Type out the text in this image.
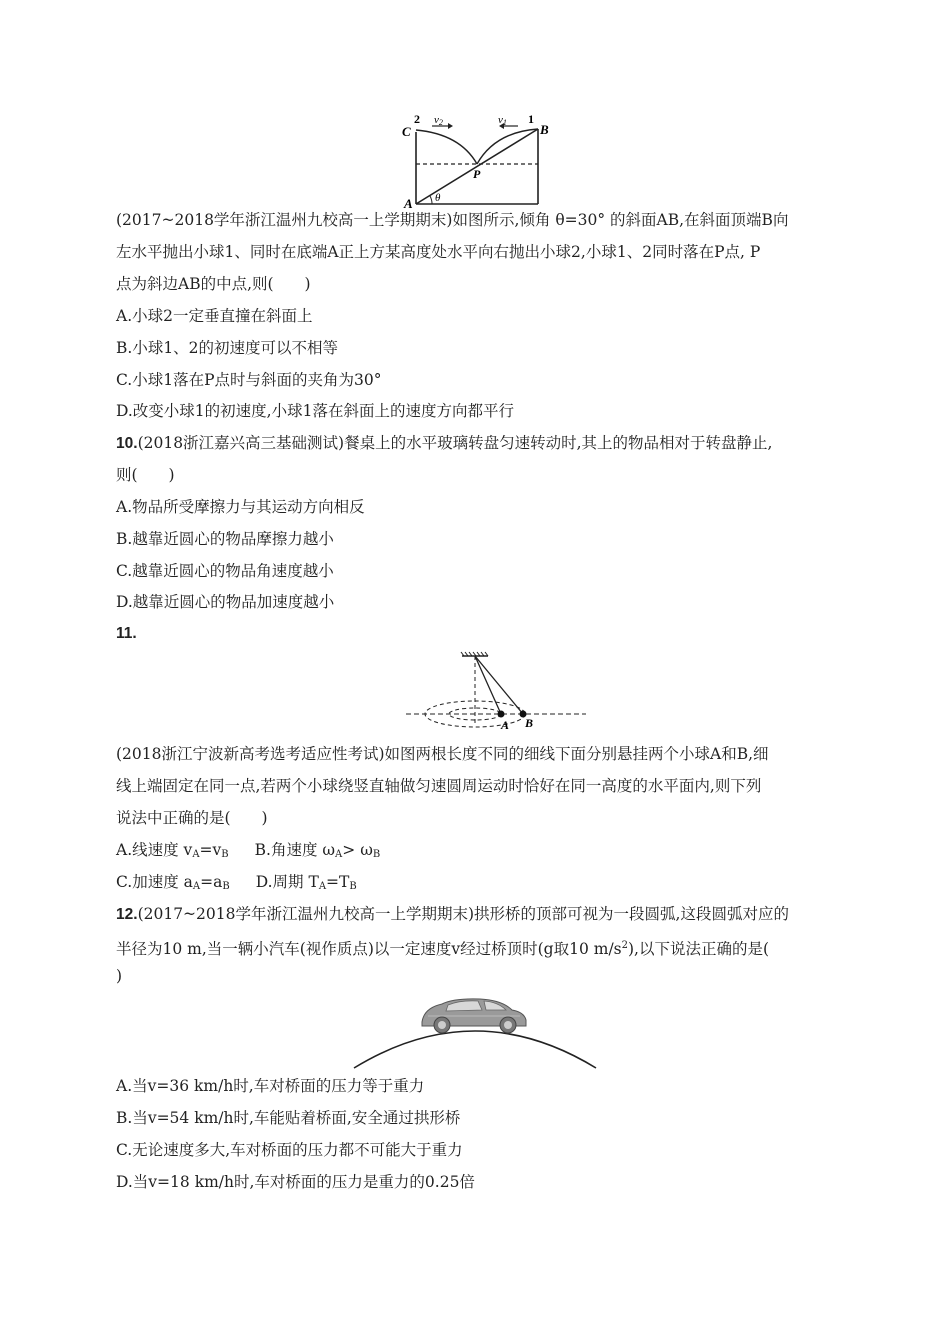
C
2 v2	v1 1
B
P
A θ
(2017~2018学年浙江温州九校高一上学期期末)如图所示,倾角 θ=30° 的斜面AB,在斜面顶端B向
左水平抛出小球1、同时在底端A正上方某高度处水平向右抛出小球2,小球1、2同时落在P点, P
点为斜边AB的中点,则(　　)
A.小球2一定垂直撞在斜面上
B.小球1、2的初速度可以不相等
C.小球1落在P点时与斜面的夹角为30°
D.改变小球1的初速度,小球1落在斜面上的速度方向都平行
10.(2018浙江嘉兴高三基础测试)餐桌上的水平玻璃转盘匀速转动时,其上的物品相对于转盘静止,
则(　　)
A.物品所受摩擦力与其运动方向相反
B.越靠近圆心的物品摩擦力越小
C.越靠近圆心的物品角速度越小
D.越靠近圆心的物品加速度越小
11.
A B
(2018浙江宁波新高考选考适应性考试)如图两根长度不同的细线下面分别悬挂两个小球A和B,细
线上端固定在同一点,若两个小球绕竖直轴做匀速圆周运动时恰好在同一高度的水平面内,则下列
说法中正确的是(　　)
A.线速度 $v_A=v_B$ B.角速度 $\omega_A> \omega_B$
C.加速度 $a_A=a_B$ D.周期 $T_A=T_B$
12.(2017~2018学年浙江温州九校高一上学期期末)拱形桥的顶部可视为一段圆弧,这段圆弧对应的
半径为10 m,当一辆小汽车(视作质点)以一定速度v经过桥顶时(g取10 $m/s^2$),以下说法正确的是(
)
A.当v=36 km/h时,车对桥面的压力等于重力
B.当v=54 km/h时,车能贴着桥面,安全通过拱形桥
C.无论速度多大,车对桥面的压力都不可能大于重力
D.当v=18 km/h时,车对桥面的压力是重力的0.25倍
